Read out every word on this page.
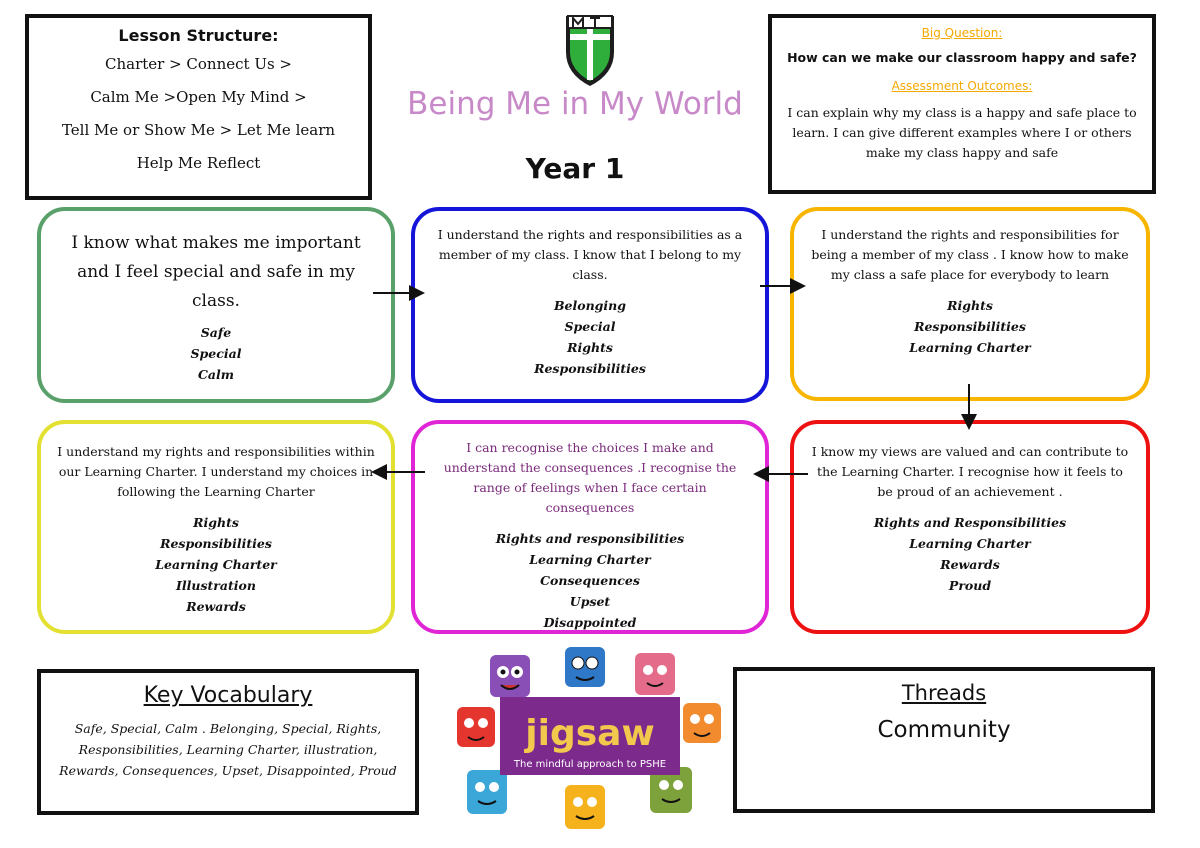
Lesson Structure:
Charter > Connect Us >
Calm Me >Open My Mind >
Tell Me or Show Me > Let Me learn
Help Me Reflect
Being Me in My World
Year 1
Big Question:
How can we make our classroom happy and safe?
Assessment Outcomes:
I can explain why my class is a happy and safe place to learn. I can give different examples where I or others make my class happy and safe
I know what makes me important and I feel special and safe in my class.
Safe
Special
Calm
I understand the rights and responsibilities as a member of my class. I know that I belong to my class.
Belonging
Special
Rights
Responsibilities
I understand the rights and responsibilities for being a member of my class . I know how to make my class a safe place for everybody to learn
Rights
Responsibilities
Learning Charter
I know my views are valued and can contribute to the Learning Charter. I recognise how it feels to be proud of an achievement .
Rights and Responsibilities
Learning Charter
Rewards
Proud
I can recognise the choices I make and understand the consequences .I recognise the range of feelings when I face certain consequences
Rights and responsibilities
Learning Charter
Consequences
Upset
Disappointed
I understand my rights and responsibilities within our Learning Charter. I understand my choices in following the Learning Charter
Rights
Responsibilities
Learning Charter
Illustration
Rewards
Key Vocabulary
Safe, Special, Calm . Belonging, Special, Rights, Responsibilities, Learning Charter, illustration, Rewards, Consequences, Upset, Disappointed, Proud
jigsaw
The mindful approach to PSHE
Threads
Community
